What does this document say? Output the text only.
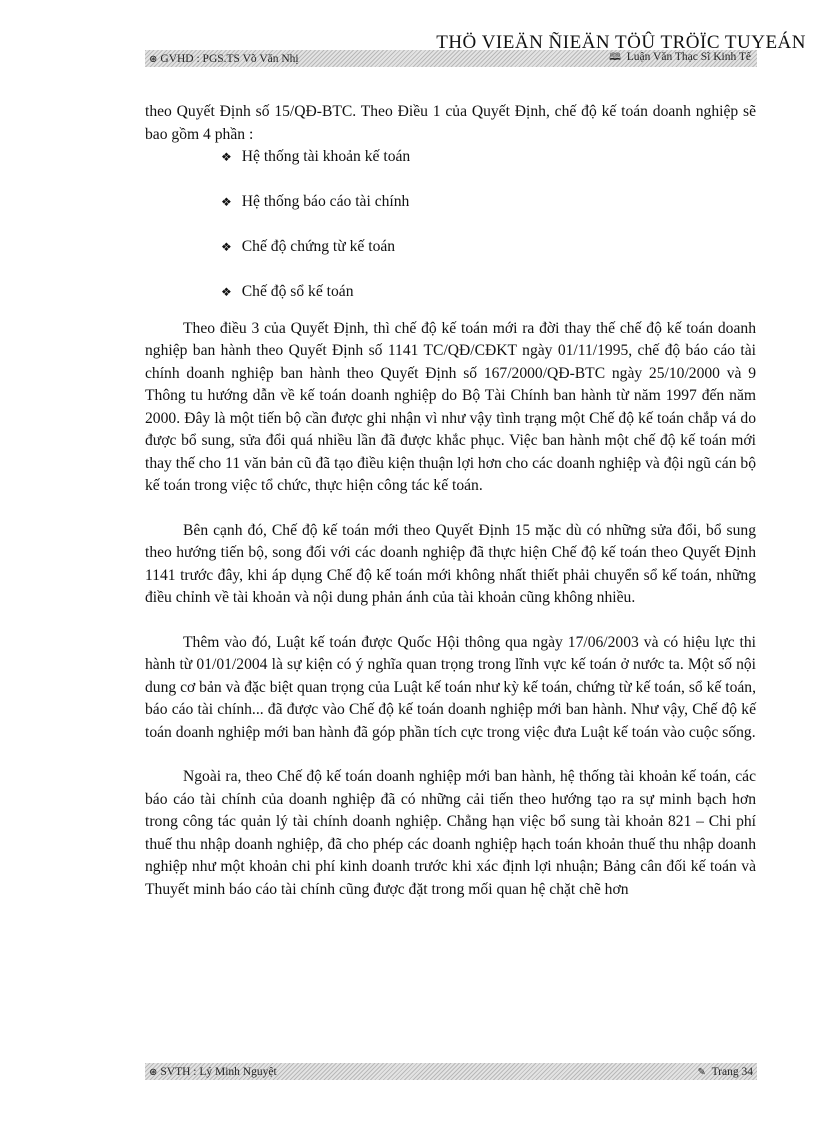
THÖ VIEÄN ÑIEÄN TÖÛ TRÖÏC TUYEÁN
⊛ GVHD : PGS.TS Võ Văn Nhị	🕮 Luận Văn Thạc Sĩ Kinh Tế

theo Quyết Định số 15/QĐ-BTC. Theo Điều 1 của Quyết Định, chế độ kế toán doanh nghiệp sẽ bao gồm 4 phần :

❖ Hệ thống tài khoản kế toán
❖ Hệ thống báo cáo tài chính
❖ Chế độ chứng từ kế toán
❖ Chế độ sổ kế toán

Theo điều 3 của Quyết Định, thì chế độ kế toán mới ra đời thay thế chế độ kế toán doanh nghiệp ban hành theo Quyết Định số 1141 TC/QĐ/CĐKT ngày 01/11/1995, chế độ báo cáo tài chính doanh nghiệp ban hành theo Quyết Định số 167/2000/QĐ-BTC ngày 25/10/2000 và 9 Thông tu hướng dẫn về kế toán doanh nghiệp do Bộ Tài Chính ban hành từ năm 1997 đến năm 2000. Đây là một tiến bộ cần được ghi nhận vì như vậy tình trạng một Chế độ kế toán chắp vá do được bổ sung, sửa đổi quá nhiều lần đã được khắc phục. Việc ban hành một chế độ kế toán mới thay thế cho 11 văn bản cũ đã tạo điều kiện thuận lợi hơn cho các doanh nghiệp và đội ngũ cán bộ kế toán trong việc tổ chức, thực hiện công tác kế toán.

Bên cạnh đó, Chế độ kế toán mới theo Quyết Định 15 mặc dù có những sửa đổi, bổ sung theo hướng tiến bộ, song đối với các doanh nghiệp đã thực hiện Chế độ kế toán theo Quyết Định 1141 trước đây, khi áp dụng Chế độ kế toán mới không nhất thiết phải chuyển sổ kế toán, những điều chỉnh về tài khoản và nội dung phản ánh của tài khoản cũng không nhiều.

Thêm vào đó, Luật kế toán được Quốc Hội thông qua ngày 17/06/2003 và có hiệu lực thi hành từ 01/01/2004 là sự kiện có ý nghĩa quan trọng trong lĩnh vực kế toán ở nước ta. Một số nội dung cơ bản và đặc biệt quan trọng của Luật kế toán như kỳ kế toán, chứng từ kế toán, sổ kế toán, báo cáo tài chính... đã được vào Chế độ kế toán doanh nghiệp mới ban hành. Như vậy, Chế độ kế toán doanh nghiệp mới ban hành đã góp phần tích cực trong việc đưa Luật kế toán vào cuộc sống.

Ngoài ra, theo Chế độ kế toán doanh nghiệp mới ban hành, hệ thống tài khoản kế toán, các báo cáo tài chính của doanh nghiệp đã có những cải tiến theo hướng tạo ra sự minh bạch hơn trong công tác quản lý tài chính doanh nghiệp. Chẳng hạn việc bổ sung tài khoản 821 – Chi phí thuế thu nhập doanh nghiệp, đã cho phép các doanh nghiệp hạch toán khoản thuế thu nhập doanh nghiệp như một khoản chi phí kinh doanh trước khi xác định lợi nhuận; Bảng cân đối kế toán và Thuyết minh báo cáo tài chính cũng được đặt trong mối quan hệ chặt chẽ hơn

⊛ SVTH : Lý Minh Nguyệt	✎ Trang 34
